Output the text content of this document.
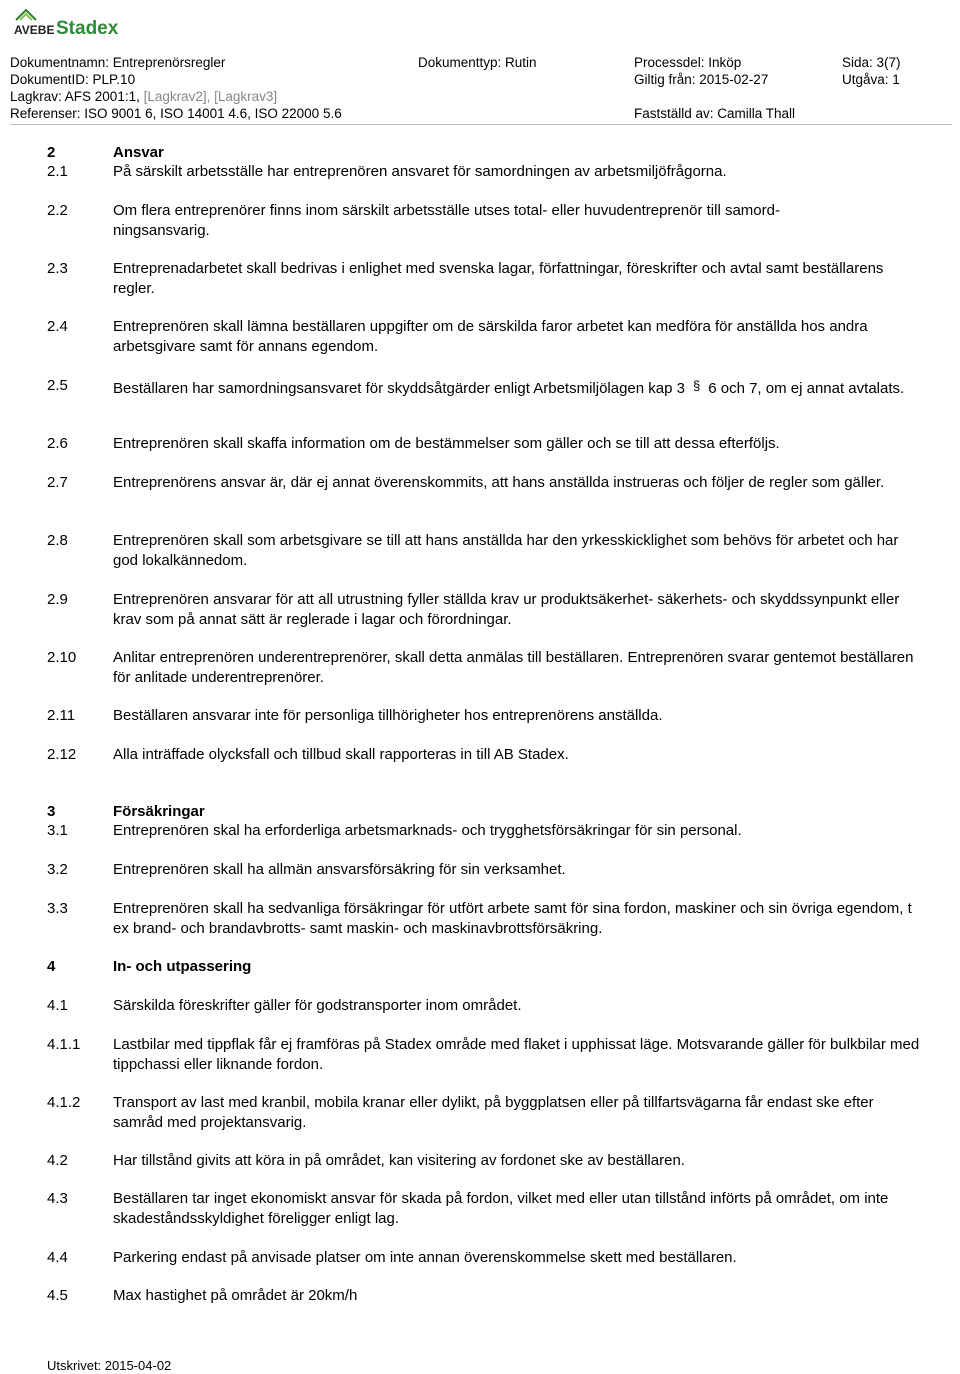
AVEBE Stadex
Dokumentnamn: Entreprenörsregler
DokumentID: PLP.10
Lagkrav: AFS 2001:1, [Lagkrav2], [Lagkrav3]
Referenser: ISO 9001 6, ISO 14001 4.6, ISO 22000 5.6
Dokumenttyp: Rutin	Processdel: Inköp
Giltig från: 2015-02-27
Fastställd av: Camilla Thall
Sida: 3(7)
Utgåva: 1
2	Ansvar
2.1	På särskilt arbetsställe har entreprenören ansvaret för samordningen av arbetsmiljöfrågorna.
2.2	Om flera entreprenörer finns inom särskilt arbetsställe utses total- eller huvudentreprenör till samord-
ningsansvarig.
2.3	Entreprenadarbetet skall bedrivas i enlighet med svenska lagar, författningar, föreskrifter och avtal samt beställarens regler.
2.4	Entreprenören skall lämna beställaren uppgifter om de särskilda faror arbetet kan medföra för anställda hos andra arbetsgivare samt för annans egendom.
2.5	Beställaren har samordningsansvaret för skyddsåtgärder enligt Arbetsmiljölagen kap 3 § 6 och 7, om ej annat avtalats.
2.6	Entreprenören skall skaffa information om de bestämmelser som gäller och se till att dessa efterföljs.
2.7	Entreprenörens ansvar är, där ej annat överenskommits, att hans anställda instrueras och följer de regler som gäller.
2.8	Entreprenören skall som arbetsgivare se till att hans anställda har den yrkesskicklighet som behövs för arbetet och har god lokalkännedom.
2.9	Entreprenören ansvarar för att all utrustning fyller ställda krav ur produktsäkerhet- säkerhets- och skyddssynpunkt eller krav som på annat sätt är reglerade i lagar och förordningar.
2.10 Anlitar entreprenören underentreprenörer, skall detta anmälas till beställaren. Entreprenören svarar gentemot beställaren för anlitade underentreprenörer.
2.11	Beställaren ansvarar inte för personliga tillhörigheter hos entreprenörens anställda.
2.12 Alla inträffade olycksfall och tillbud skall rapporteras in till AB Stadex.
3	Försäkringar
3.1	Entreprenören skal ha erforderliga arbetsmarknads- och trygghetsförsäkringar för sin personal.
3.2	Entreprenören skall ha allmän ansvarsförsäkring för sin verksamhet.
3.3	Entreprenören skall ha sedvanliga försäkringar för utfört arbete samt för sina fordon, maskiner och sin övriga egendom, t ex brand- och brandavbrotts- samt maskin- och maskinavbrottsförsäkring.
4	In- och utpassering
4.1	Särskilda föreskrifter gäller för godstransporter inom området.
4.1.1 Lastbilar med tippflak får ej framföras på Stadex område med flaket i upphissat läge. Motsvarande gäller för bulkbilar med tippchassi eller liknande fordon.
4.1.2 Transport av last med kranbil, mobila kranar eller dylikt, på byggplatsen eller på tillfartsvägarna får endast ske efter samråd med projektansvarig.
4.2	Har tillstånd givits att köra in på området, kan visitering av fordonet ske av beställaren.
4.3	Beställaren tar inget ekonomiskt ansvar för skada på fordon, vilket med eller utan tillstånd införts på området, om inte skadeståndsskyldighet föreligger enligt lag.
4.4	Parkering endast på anvisade platser om inte annan överenskommelse skett med beställaren.
4.5	Max hastighet på området är 20km/h
Utskrivet: 2015-04-02
